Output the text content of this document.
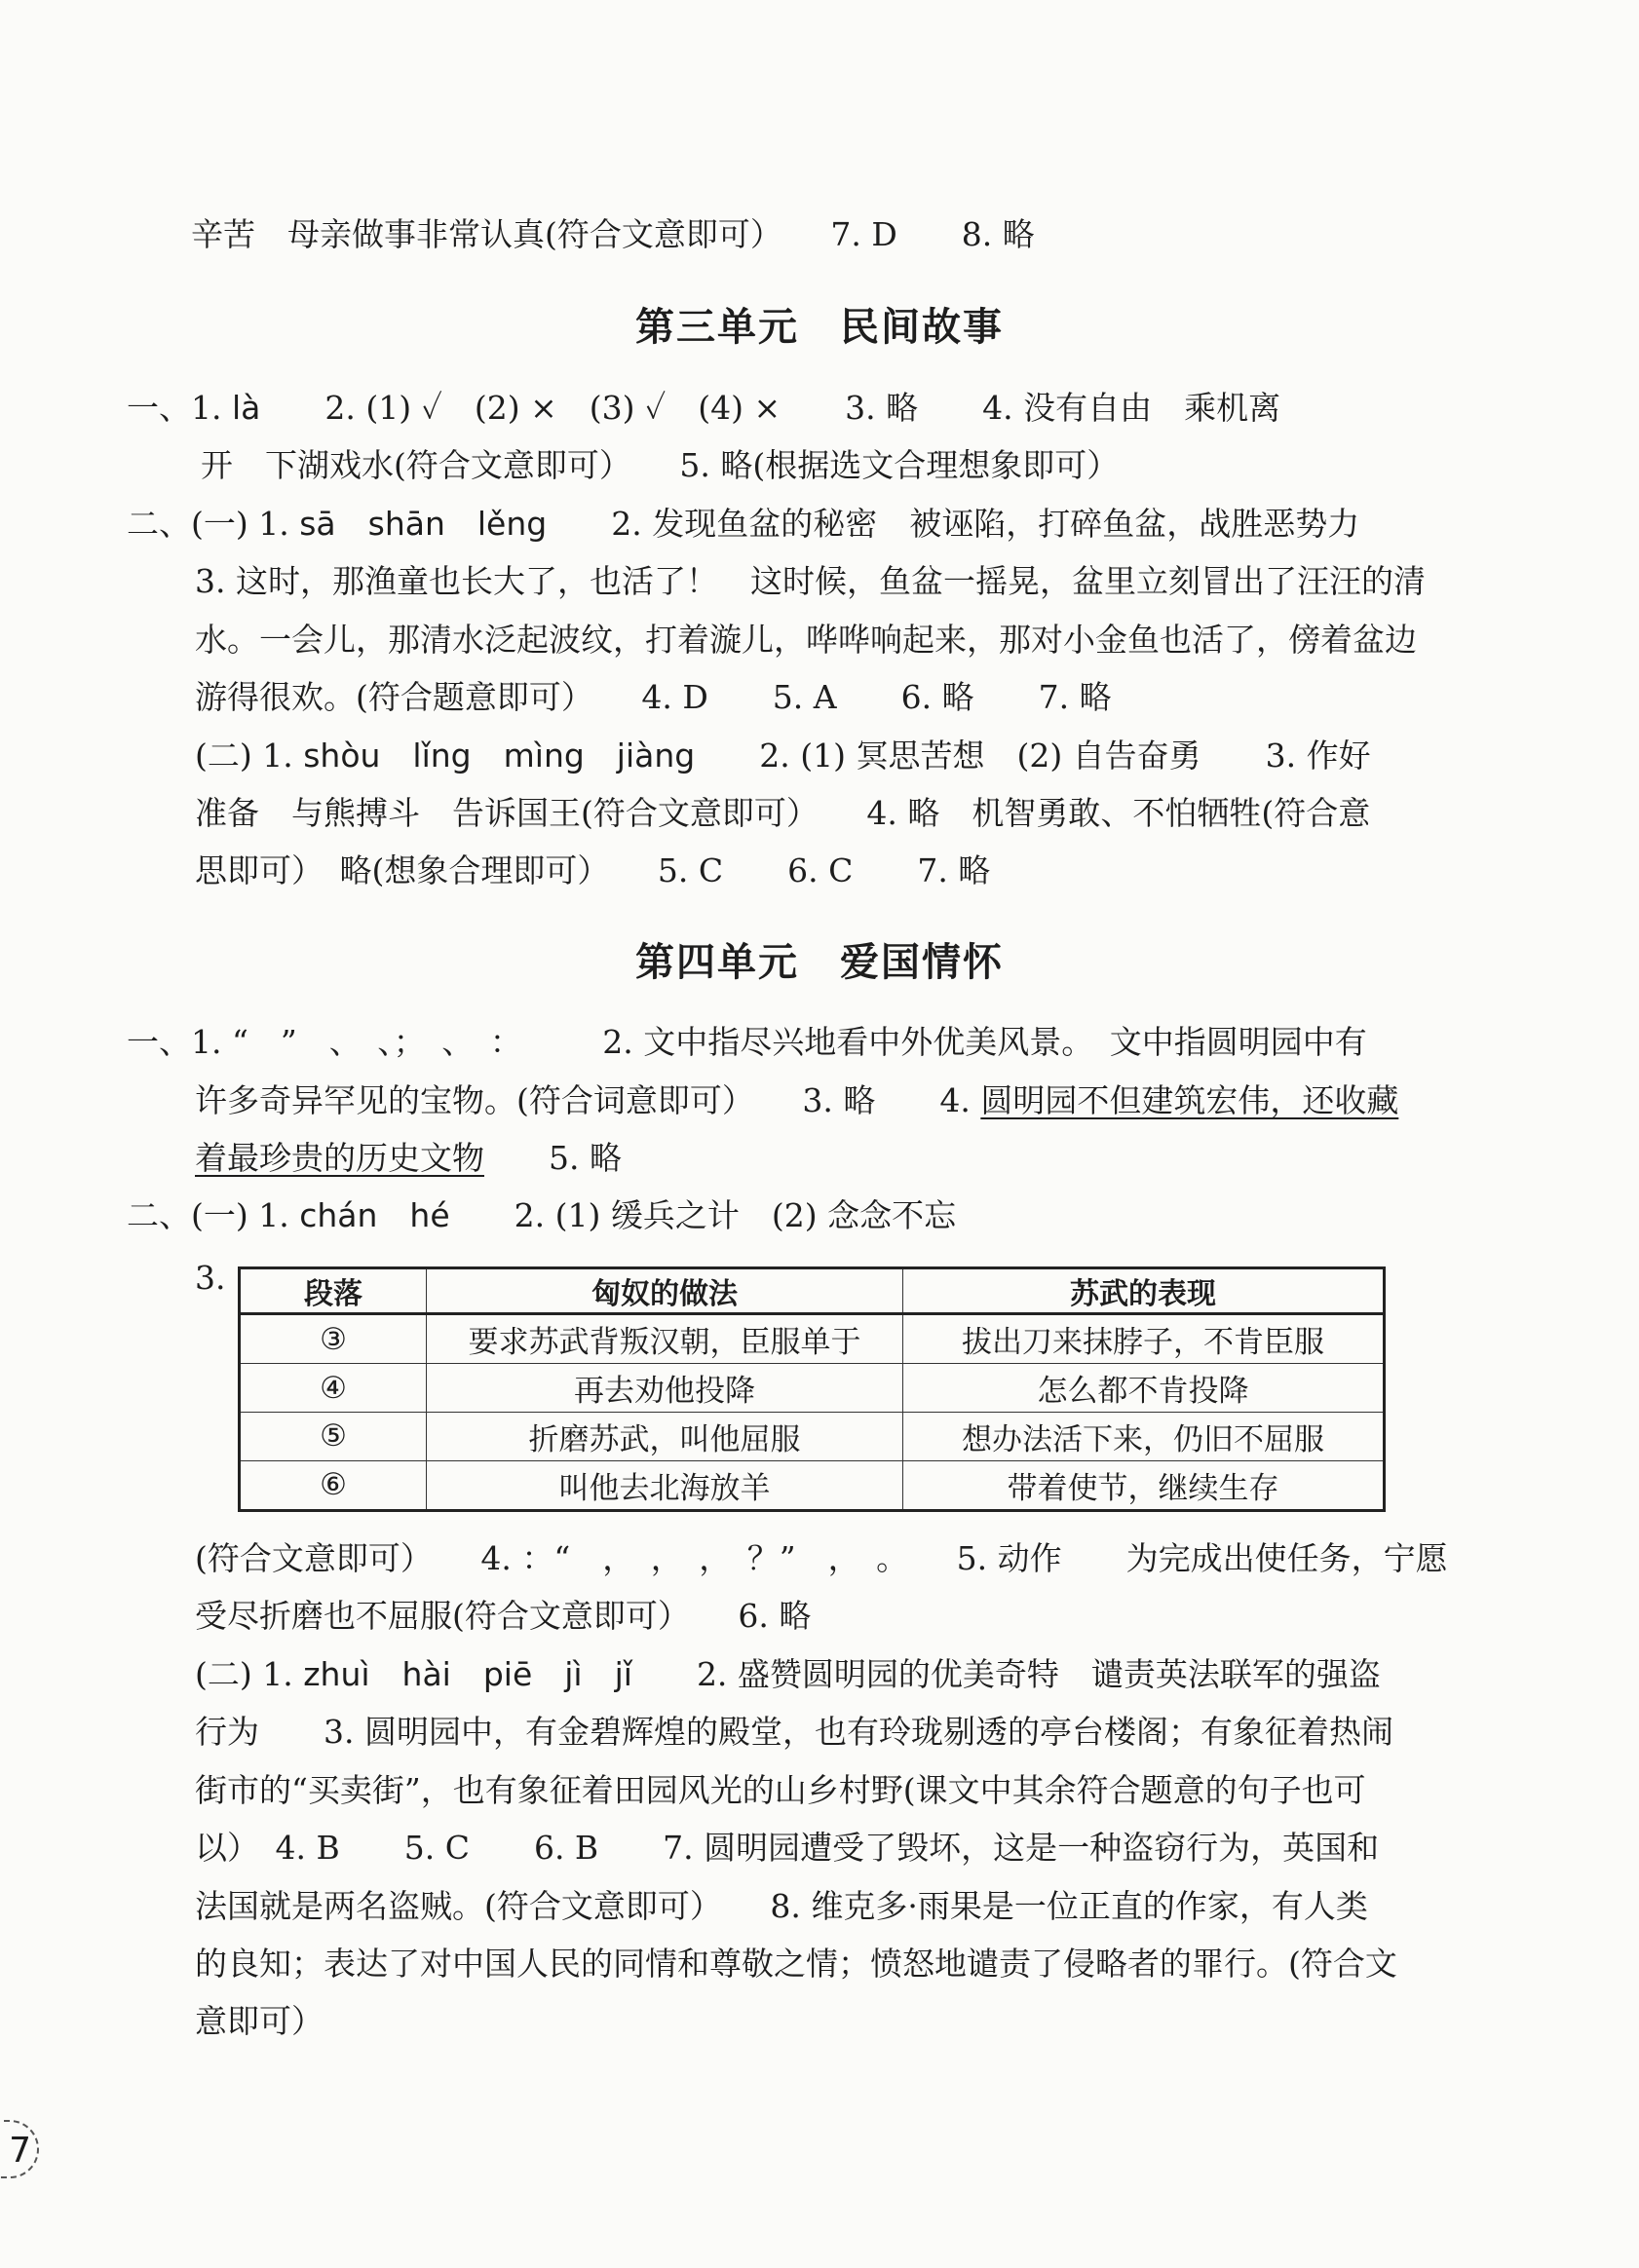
辛苦　母亲做事非常认真(符合文意即可）　　7. D　　8. 略
第三单元　民间故事
一、1. là　　2. (1) ✓　(2) ×　(3) ✓　(4) ×　　3. 略　　4. 没有自由　乘机离
开　下湖戏水(符合文意即可）　　5. 略(根据选文合理想象即可）
二、(一) 1. sā　shān　lěng　　2. 发现鱼盆的秘密　被诬陷，打碎鱼盆，战胜恶势力
3. 这时，那渔童也长大了，也活了！　这时候，鱼盆一摇晃，盆里立刻冒出了汪汪的清
水。一会儿，那清水泛起波纹，打着漩儿，哗哗响起来，那对小金鱼也活了，傍着盆边
游得很欢。(符合题意即可）　　4. D　　5. A　　6. 略　　7. 略
(二) 1. shòu　lǐng　mìng　jiàng　　2. (1) 冥思苦想　(2) 自告奋勇　　3. 作好
准备　与熊搏斗　告诉国王(符合文意即可）　　4. 略　机智勇敢、不怕牺牲(符合意
思即可）　略(想象合理即可）　　5. C　　6. C　　7. 略
第四单元　爱国情怀
一、1. “　”　、　、；　、　：　　　2. 文中指尽兴地看中外优美风景。　文中指圆明园中有
许多奇异罕见的宝物。(符合词意即可）　　3. 略　　4. 圆明园不但建筑宏伟，还收藏
着最珍贵的历史文物　　5. 略
二、(一) 1. chán　hé　　2. (1) 缓兵之计　(2) 念念不忘
3.	段落	匈奴的做法	苏武的表现
③	要求苏武背叛汉朝，臣服单于	拔出刀来抹脖子，不肯臣服
④	再去劝他投降	怎么都不肯投降
⑤	折磨苏武，叫他屈服	想办法活下来，仍旧不屈服
⑥	叫他去北海放羊	带着使节，继续生存
(符合文意即可）　　4. ：“　，　，　，　？”　，　。　　5. 动作　　为完成出使任务，宁愿
受尽折磨也不屈服(符合文意即可）　　6. 略
(二) 1. zhuì　hài　piē　jì　jǐ　　2. 盛赞圆明园的优美奇特　谴责英法联军的强盗
行为　　3. 圆明园中，有金碧辉煌的殿堂，也有玲珑剔透的亭台楼阁；有象征着热闹
街市的“买卖街”，也有象征着田园风光的山乡村野(课文中其余符合题意的句子也可
以）　4. B　　5. C　　6. B　　7. 圆明园遭受了毁坏，这是一种盗窃行为，英国和
法国就是两名盗贼。(符合文意即可）　　8. 维克多·雨果是一位正直的作家，有人类
的良知；表达了对中国人民的同情和尊敬之情；愤怒地谴责了侵略者的罪行。(符合文
意即可）
7
